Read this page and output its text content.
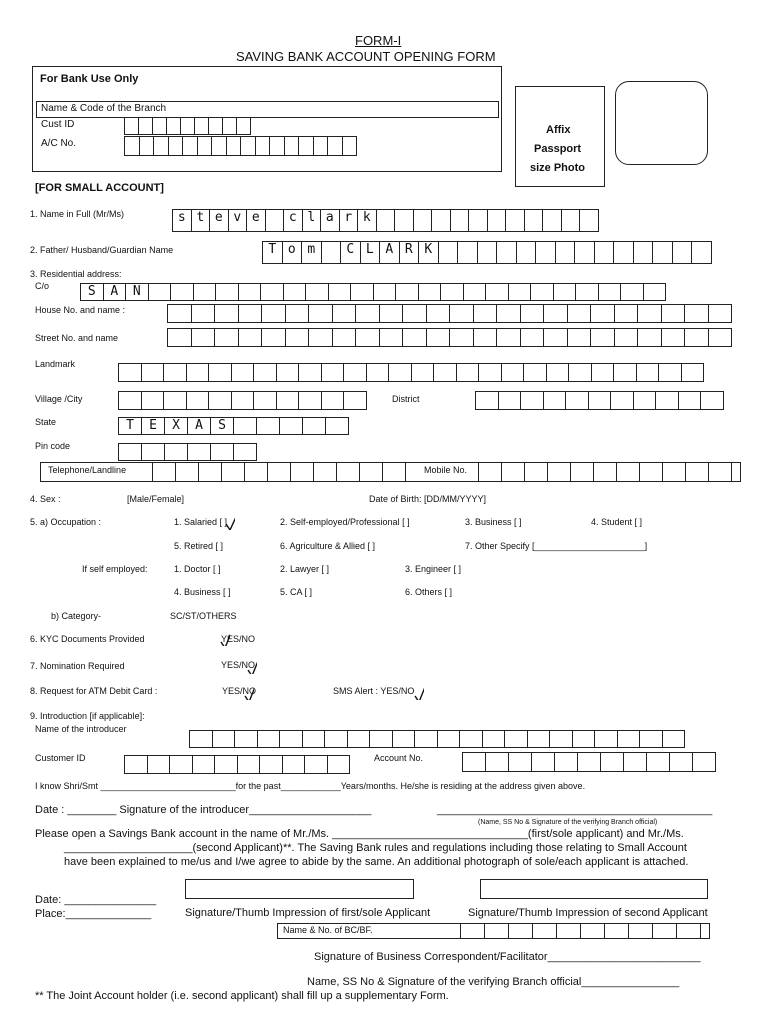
FORM-I
SAVING BANK ACCOUNT OPENING FORM
For Bank Use Only
Name & Code of the Branch
Cust ID
A/C No.
Affix
Passport
size Photo
[FOR SMALL ACCOUNT]
1. Name in Full (Mr/Ms)	s t e v e	c l a r k
2. Father/ Husband/Guardian Name	T o m	C L A R K
3. Residential address:
C/o	S	A	N
House No. and name :
Street No. and name
Landmark
Village /City	District
State	T	E	X	A	S
Pin code
Telephone/Landline	Mobile No.
4. Sex :	[Male/Female]	Date of Birth: [DD/MM/YYYY]
5. a) Occupation :	1. Salaried [ ]	2. Self-employed/Professional [ ]	3. Business [ ]	4. Student [ ]
5. Retired [ ]	6. Agriculture & Allied [ ]	7. Other Specify [______________________]
If self employed:	1. Doctor [ ]	2. Lawyer [ ]	3. Engineer [ ]
4. Business [ ]	5. CA [ ]	6. Others [ ]
b) Category-	SC/ST/OTHERS
6. KYC Documents Provided	YES/NO
7. Nomination Required	YES/NO
8. Request for ATM Debit Card :	YES/NO	SMS Alert : YES/NO
9. Introduction [if applicable]:
Name of the introducer
Customer ID	Account No.
I know Shri/Smt ___________________________for the past____________Years/months. He/she is residing at the address given above.
Date : ________ Signature of the introducer____________________	_____________________________________________
(Name, SS No & Signature of the verifying Branch official)
Please open a Savings Bank account in the name of Mr./Ms. ________________________________(first/sole applicant) and Mr./Ms.
_____________________(second Applicant)**. The Saving Bank rules and regulations including those relating to Small Account
have been explained to me/us and I/we agree to abide by the same. An additional photograph of sole/each applicant is attached.
Date: _______________
Place:______________	Signature/Thumb Impression of first/sole Applicant	Signature/Thumb Impression of second Applicant
Name & No. of BC/BF.
Signature of Business Correspondent/Facilitator_________________________
Name, SS No & Signature of the verifying Branch official________________
** The Joint Account holder (i.e. second applicant) shall fill up a supplementary Form.
